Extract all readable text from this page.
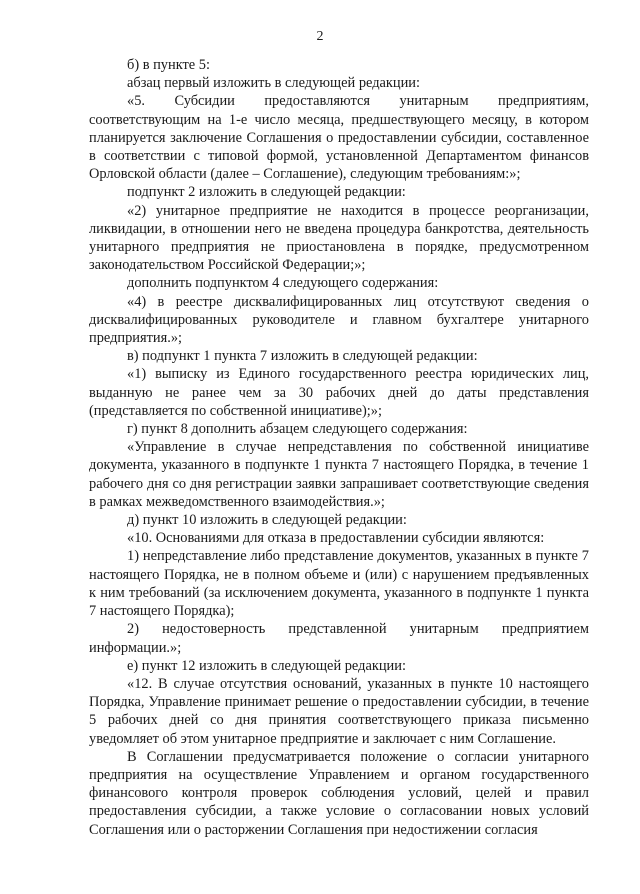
2

б) в пункте 5:

абзац первый изложить в следующей редакции:

«5. Субсидии предоставляются унитарным предприятиям, соответствующим на 1-е число месяца, предшествующего месяцу, в котором планируется заключение Соглашения о предоставлении субсидии, составленное в соответствии с типовой формой, установленной Департаментом финансов Орловской области (далее – Соглашение), следующим требованиям:»;

подпункт 2 изложить в следующей редакции:

«2) унитарное предприятие не находится в процессе реорганизации, ликвидации, в отношении него не введена процедура банкротства, деятельность унитарного предприятия не приостановлена в порядке, предусмотренном законодательством Российской Федерации;»;

дополнить подпунктом 4 следующего содержания:

«4) в реестре дисквалифицированных лиц отсутствуют сведения о дисквалифицированных руководителе и главном бухгалтере унитарного предприятия.»;

в) подпункт 1 пункта 7 изложить в следующей редакции:

«1) выписку из Единого государственного реестра юридических лиц, выданную не ранее чем за 30 рабочих дней до даты представления (представляется по собственной инициативе);»;

г) пункт 8 дополнить абзацем следующего содержания:

«Управление в случае непредставления по собственной инициативе документа, указанного в подпункте 1 пункта 7 настоящего Порядка, в течение 1 рабочего дня со дня регистрации заявки запрашивает соответствующие сведения в рамках межведомственного взаимодействия.»;

д) пункт 10 изложить в следующей редакции:

«10. Основаниями для отказа в предоставлении субсидии являются:

1) непредставление либо представление документов, указанных в пункте 7 настоящего Порядка, не в полном объеме и (или) с нарушением предъявленных к ним требований (за исключением документа, указанного в подпункте 1 пункта 7 настоящего Порядка);

2) недостоверность представленной унитарным предприятием информации.»;

е) пункт 12 изложить в следующей редакции:

«12. В случае отсутствия оснований, указанных в пункте 10 настоящего Порядка, Управление принимает решение о предоставлении субсидии, в течение 5 рабочих дней со дня принятия соответствующего приказа письменно уведомляет об этом унитарное предприятие и заключает с ним Соглашение.

В Соглашении предусматривается положение о согласии унитарного предприятия на осуществление Управлением и органом государственного финансового контроля проверок соблюдения условий, целей и правил предоставления субсидии, а также условие о согласовании новых условий Соглашения или о расторжении Соглашения при недостижении согласия
